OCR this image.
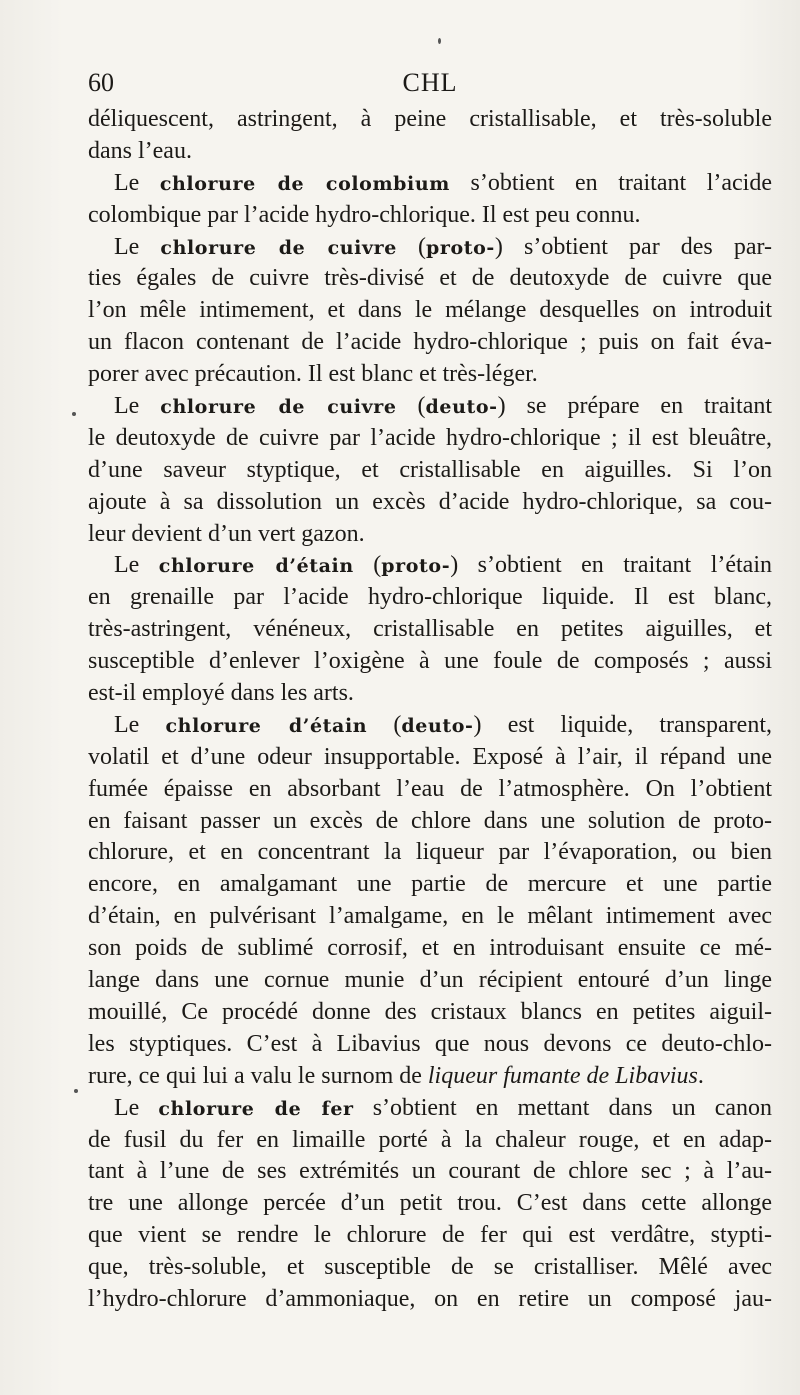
60	CHL
déliquescent, astringent, à peine cristallisable, et très-soluble
dans l’eau.
Le chlorure de colombium s’obtient en traitant l’acide
colombique par l’acide hydro-chlorique. Il est peu connu.
Le chlorure de cuivre (proto-) s’obtient par des par-
ties égales de cuivre très-divisé et de deutoxyde de cuivre que
l’on mêle intimement, et dans le mélange desquelles on introduit
un flacon contenant de l’acide hydro-chlorique ; puis on fait éva-
porer avec précaution. Il est blanc et très-léger.
Le chlorure de cuivre (deuto-) se prépare en traitant
le deutoxyde de cuivre par l’acide hydro-chlorique ; il est bleuâtre,
d’une saveur styptique, et cristallisable en aiguilles. Si l’on
ajoute à sa dissolution un excès d’acide hydro-chlorique, sa cou-
leur devient d’un vert gazon.
Le chlorure d’étain (proto-) s’obtient en traitant l’étain
en grenaille par l’acide hydro-chlorique liquide. Il est blanc,
très-astringent, vénéneux, cristallisable en petites aiguilles, et
susceptible d’enlever l’oxigène à une foule de composés ; aussi
est-il employé dans les arts.
Le chlorure d’étain (deuto-) est liquide, transparent,
volatil et d’une odeur insupportable. Exposé à l’air, il répand une
fumée épaisse en absorbant l’eau de l’atmosphère. On l’obtient
en faisant passer un excès de chlore dans une solution de proto-
chlorure, et en concentrant la liqueur par l’évaporation, ou bien
encore, en amalgamant une partie de mercure et une partie
d’étain, en pulvérisant l’amalgame, en le mêlant intimement avec
son poids de sublimé corrosif, et en introduisant ensuite ce mé-
lange dans une cornue munie d’un récipient entouré d’un linge
mouillé, Ce procédé donne des cristaux blancs en petites aiguil-
les styptiques. C’est à Libavius que nous devons ce deuto-chlo-
rure, ce qui lui a valu le surnom de liqueur fumante de Libavius.
Le chlorure de fer s’obtient en mettant dans un canon
de fusil du fer en limaille porté à la chaleur rouge, et en adap-
tant à l’une de ses extrémités un courant de chlore sec ; à l’au-
tre une allonge percée d’un petit trou. C’est dans cette allonge
que vient se rendre le chlorure de fer qui est verdâtre, stypti-
que, très-soluble, et susceptible de se cristalliser. Mêlé avec
l’hydro-chlorure d’ammoniaque, on en retire un composé jau-
